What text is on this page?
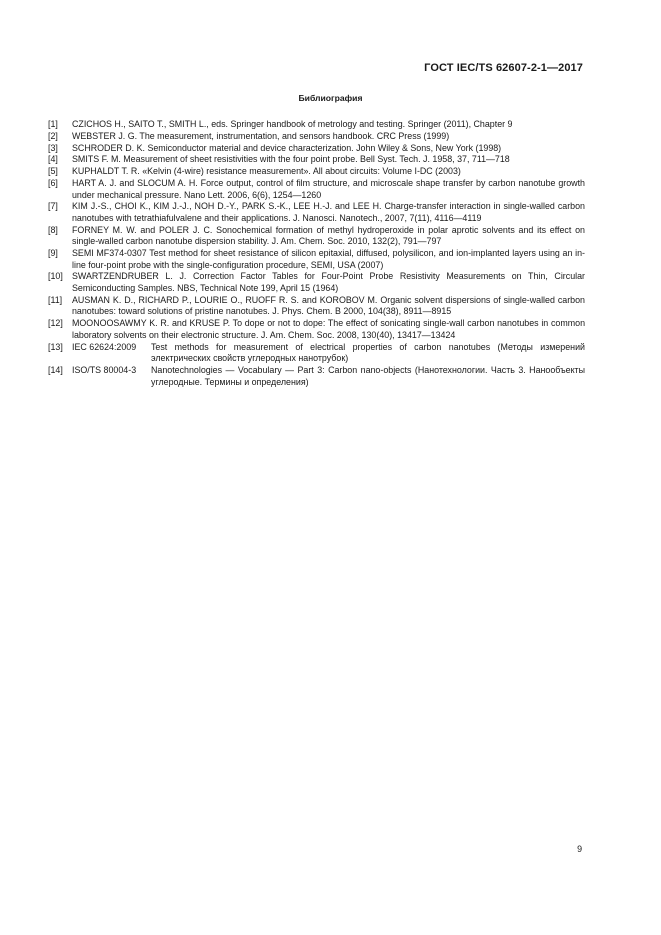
ГОСТ IEC/TS 62607-2-1—2017
Библиография
[1]	CZICHOS H., SAITO T., SMITH L., eds. Springer handbook of metrology and testing. Springer (2011), Chapter 9
[2]	WEBSTER J. G. The measurement, instrumentation, and sensors handbook. CRC Press (1999)
[3]	SCHRODER D. K. Semiconductor material and device characterization. John Wiley & Sons, New York (1998)
[4]	SMITS F. M. Measurement of sheet resistivities with the four point probe. Bell Syst. Tech. J. 1958, 37, 711—718
[5]	KUPHALDT T. R. «Kelvin (4-wire) resistance measurement». All about circuits: Volume I-DC (2003)
[6]	HART A. J. and SLOCUM A. H. Force output, control of film structure, and microscale shape transfer by carbon nanotube growth under mechanical pressure. Nano Lett. 2006, 6(6), 1254—1260
[7]	KIM J.-S., CHOI K., KIM J.-J., NOH D.-Y., PARK S.-K., LEE H.-J. and LEE H. Charge-transfer interaction in single-walled carbon nanotubes with tetrathiafulvalene and their applications. J. Nanosci. Nanotech., 2007, 7(11), 4116—4119
[8]	FORNEY M. W. and POLER J. C. Sonochemical formation of methyl hydroperoxide in polar aprotic solvents and its effect on single-walled carbon nanotube dispersion stability. J. Am. Chem. Soc. 2010, 132(2), 791—797
[9]	SEMI MF374-0307 Test method for sheet resistance of silicon epitaxial, diffused, polysilicon, and ion-implanted layers using an in-line four-point probe with the single-configuration procedure, SEMI, USA (2007)
[10]	SWARTZENDRUBER L. J. Correction Factor Tables for Four-Point Probe Resistivity Measurements on Thin, Circular Semiconducting Samples. NBS, Technical Note 199, April 15 (1964)
[11]	AUSMAN K. D., RICHARD P., LOURIE O., RUOFF R. S. and KOROBOV M. Organic solvent dispersions of single-walled carbon nanotubes: toward solutions of pristine nanotubes. J. Phys. Chem. B 2000, 104(38), 8911—8915
[12]	MOONOOSAWMY K. R. and KRUSE P. To dope or not to dope: The effect of sonicating single-wall carbon nanotubes in common laboratory solvents on their electronic structure. J. Am. Chem. Soc. 2008, 130(40), 13417—13424
[13]	IEC 62624:2009	Test methods for measurement of electrical properties of carbon nanotubes (Методы измерений электрических свойств углеродных нанотрубок)
[14]	ISO/TS 80004-3	Nanotechnologies — Vocabulary — Part 3: Carbon nano-objects (Нанотехнологии. Часть 3. Нанообъекты углеродные. Термины и определения)
9
